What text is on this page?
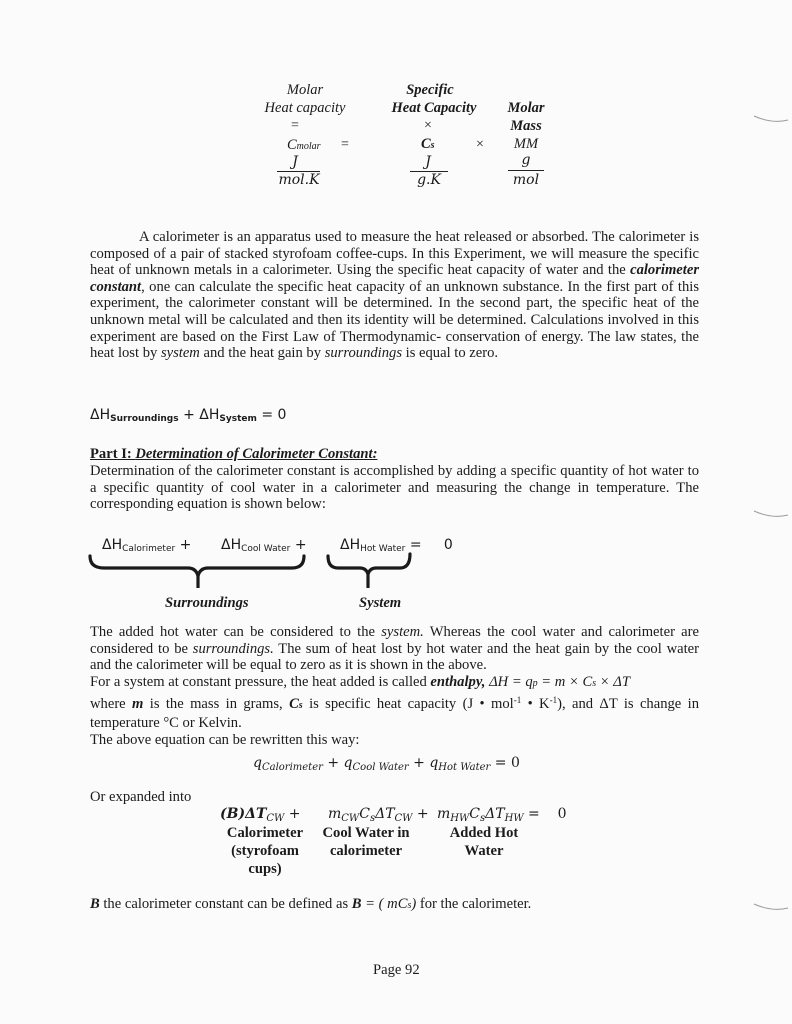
Molar
Heat capacity
=
Cmolar =
J
mol.K
Specific
Heat Capacity
×
Cs	×
J
g.K
Molar
Mass
MM
g
mol
A calorimeter is an apparatus used to measure the heat released or absorbed. The calorimeter is composed of a pair of stacked styrofoam coffee-cups. In this Experiment, we will measure the specific heat of unknown metals in a calorimeter. Using the specific heat capacity of water and the calorimeter constant, one can calculate the specific heat capacity of an unknown substance. In the first part of this experiment, the calorimeter constant will be determined. In the second part, the specific heat of the unknown metal will be calculated and then its identity will be determined. Calculations involved in this experiment are based on the First Law of Thermodynamic- conservation of energy. The law states, the heat lost by system and the heat gain by surroundings is equal to zero.
$\Delta H_{Surroundings} + \Delta H_{System} = 0$
Part I: Determination of Calorimeter Constant:
Determination of the calorimeter constant is accomplished by adding a specific quantity of hot water to a specific quantity of cool water in a calorimeter and measuring the change in temperature. The corresponding equation is shown below:
$\Delta H_{Calorimeter} + \Delta H_{Cool Water} + \Delta H_{Hot Water}$ =     0
Surroundings	System

The added hot water can be considered to the system. Whereas the cool water and calorimeter are considered to be surroundings. The sum of heat lost by hot water and the heat gain by the cool water and the calorimeter will be equal to zero as it is shown in the above.

For a system at constant pressure, the heat added is called enthalpy, ΔH = qp = m × Cs × ΔT

where m is the mass in grams, Cs is specific heat capacity (J • mol$^{-1}$ • $K^{-1}$), and ΔT is change in temperature °C or Kelvin.

The above equation can be rewritten this way:

$q_{Calorimeter} + q_{Cool Water} + q_{Hot Water} = 0$
Or expanded into
$(B)\Delta T_{CW} + m_{CW}C_s\Delta T_{CW} + m_{HW}C_s\Delta T_{HW}$ =    0
Calorimeter
(styrofoam
cups)
Cool Water in
calorimeter
Added Hot
Water
B the calorimeter constant can be defined as B = ( mCs) for the calorimeter.
Page 92
